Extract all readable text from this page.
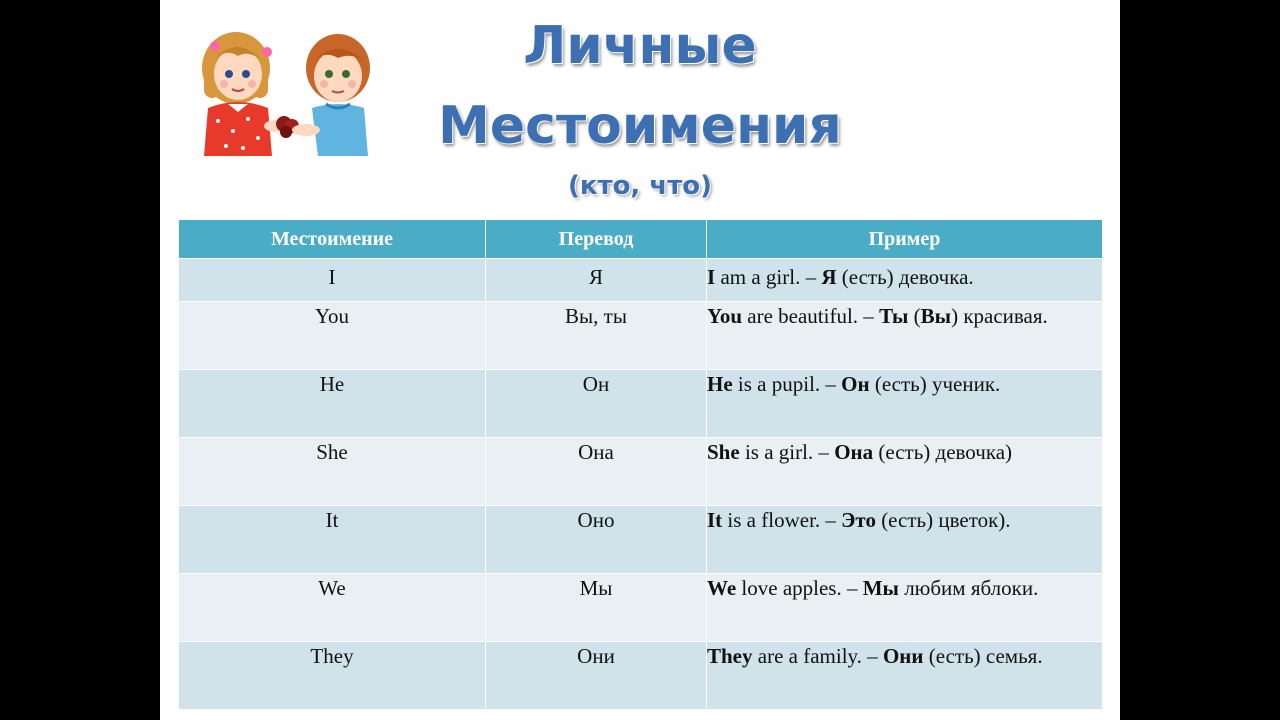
Личные
Местоимения
(кто, что)
Местоимение	Перевод	Пример
I	Я	I am a girl. – Я (есть) девочка.
You	Вы, ты	You are beautiful. – Ты (Вы) красивая.
He	Он	He is a pupil. – Он (есть) ученик.
She	Она	She is a girl. – Она (есть) девочка)
It	Оно	It is a flower. – Это (есть) цветок).
We	Мы	We love apples. – Мы любим яблоки.
They	Они	They are a family. – Они (есть) семья.
